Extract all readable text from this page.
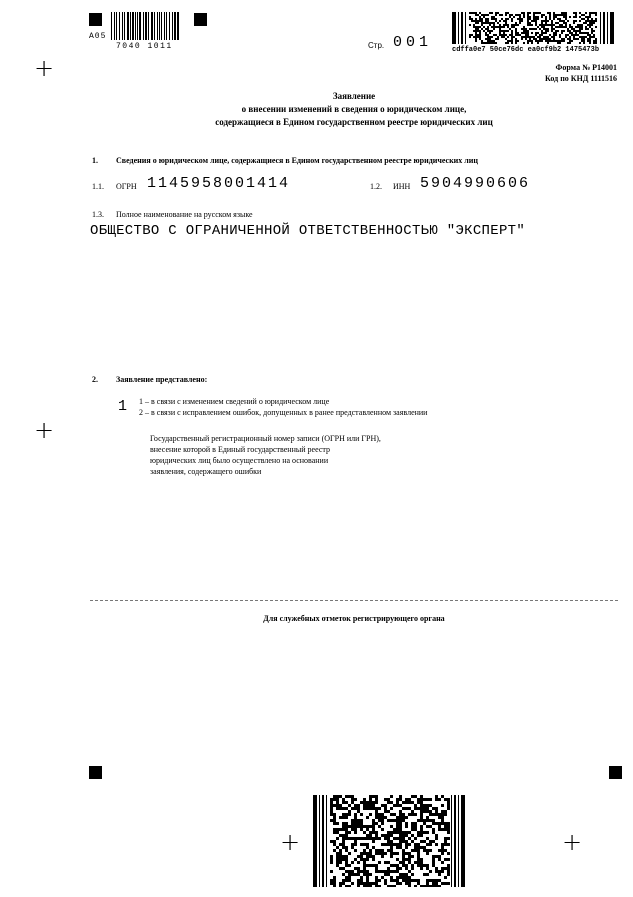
+
+
+	+
A05
7040 1011	Стр. 001	cdffa0e7 50ce76dc ea0cf9b2 1475473b
Форма № Р14001
Код по КНД 1111516
Заявление
о внесении изменений в сведения о юридическом лице,
содержащиеся в Едином государственном реестре юридических лиц
1. Сведения о юридическом лице, содержащиеся в Едином государственном реестре юридических лиц
1.1. ОГРН 1145958001414	1.2. ИНН 5904990606
1.3. Полное наименование на русском языке
ОБЩЕСТВО С ОГРАНИЧЕННОЙ ОТВЕТСТВЕННОСТЬЮ "ЭКСПЕРТ"
2. Заявление представлено:
1 1 – в связи с изменением сведений о юридическом лице
2 – в связи с исправлением ошибок, допущенных в ранее представленном заявлении
Государственный регистрационный номер записи (ОГРН или ГРН),
внесение которой в Единый государственный реестр
юридических лиц было осуществлено на основании
заявления, содержащего ошибки
Для служебных отметок регистрирующего органа
